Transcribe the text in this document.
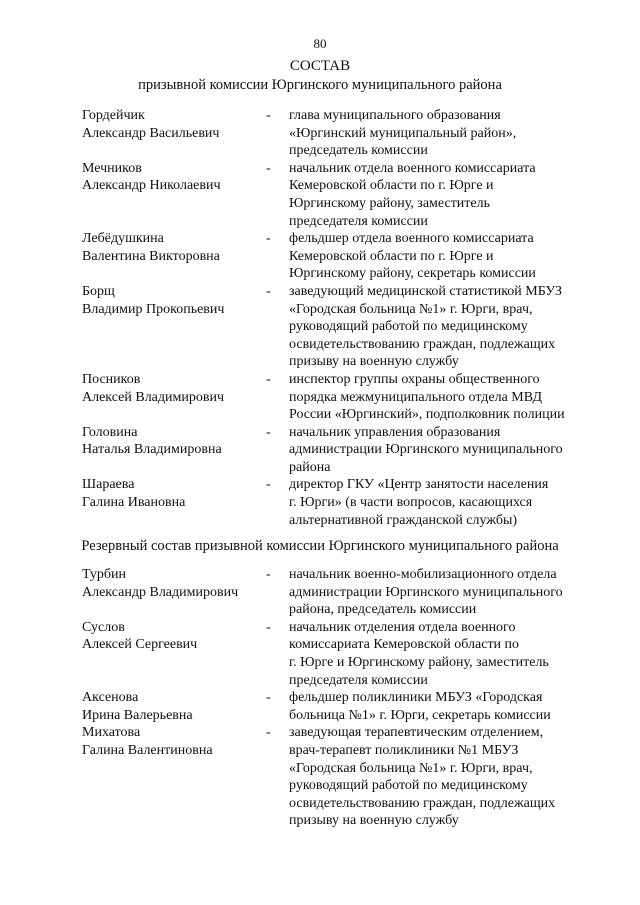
80
СОСТАВ
призывной комиссии Юргинского муниципального района
Гордейчик
Александр Васильевич
- глава муниципального образования
«Юргинский муниципальный район»,
председатель комиссии
Мечников
Александр Николаевич
- начальник отдела военного комиссариата
Кемеровской области по г. Юрге и
Юргинскому району, заместитель
председателя комиссии
Лебёдушкина
Валентина Викторовна
- фельдшер отдела военного комиссариата
Кемеровской области по г. Юрге и
Юргинскому району, секретарь комиссии
Борщ
Владимир Прокопьевич
- заведующий медицинской статистикой МБУЗ
«Городская больница №1» г. Юрги, врач,
руководящий работой по медицинскому
освидетельствованию граждан, подлежащих
призыву на военную службу
Посников
Алексей Владимирович
- инспектор группы охраны общественного
порядка межмуниципального отдела МВД
России «Юргинский», подполковник полиции
Головина
Наталья Владимировна
- начальник управления образования
администрации Юргинского муниципального
района
Шараева
Галина Ивановна
- директор ГКУ «Центр занятости населения
г. Юрги» (в части вопросов, касающихся
альтернативной гражданской службы)
Резервный состав призывной комиссии Юргинского муниципального района
Турбин
Александр Владимирович
- начальник военно-мобилизационного отдела
администрации Юргинского муниципального
района, председатель комиссии
Суслов
Алексей Сергеевич
- начальник отделения отдела военного
комиссариата Кемеровской области по
г. Юрге и Юргинскому району, заместитель
председателя комиссии
Аксенова
Ирина Валерьевна
- фельдшер поликлиники МБУЗ «Городская
больница №1» г. Юрги, секретарь комиссии
Михатова
Галина Валентиновна
- заведующая терапевтическим отделением,
врач-терапевт поликлиники №1 МБУЗ
«Городская больница №1» г. Юрги, врач,
руководящий работой по медицинскому
освидетельствованию граждан, подлежащих
призыву на военную службу
